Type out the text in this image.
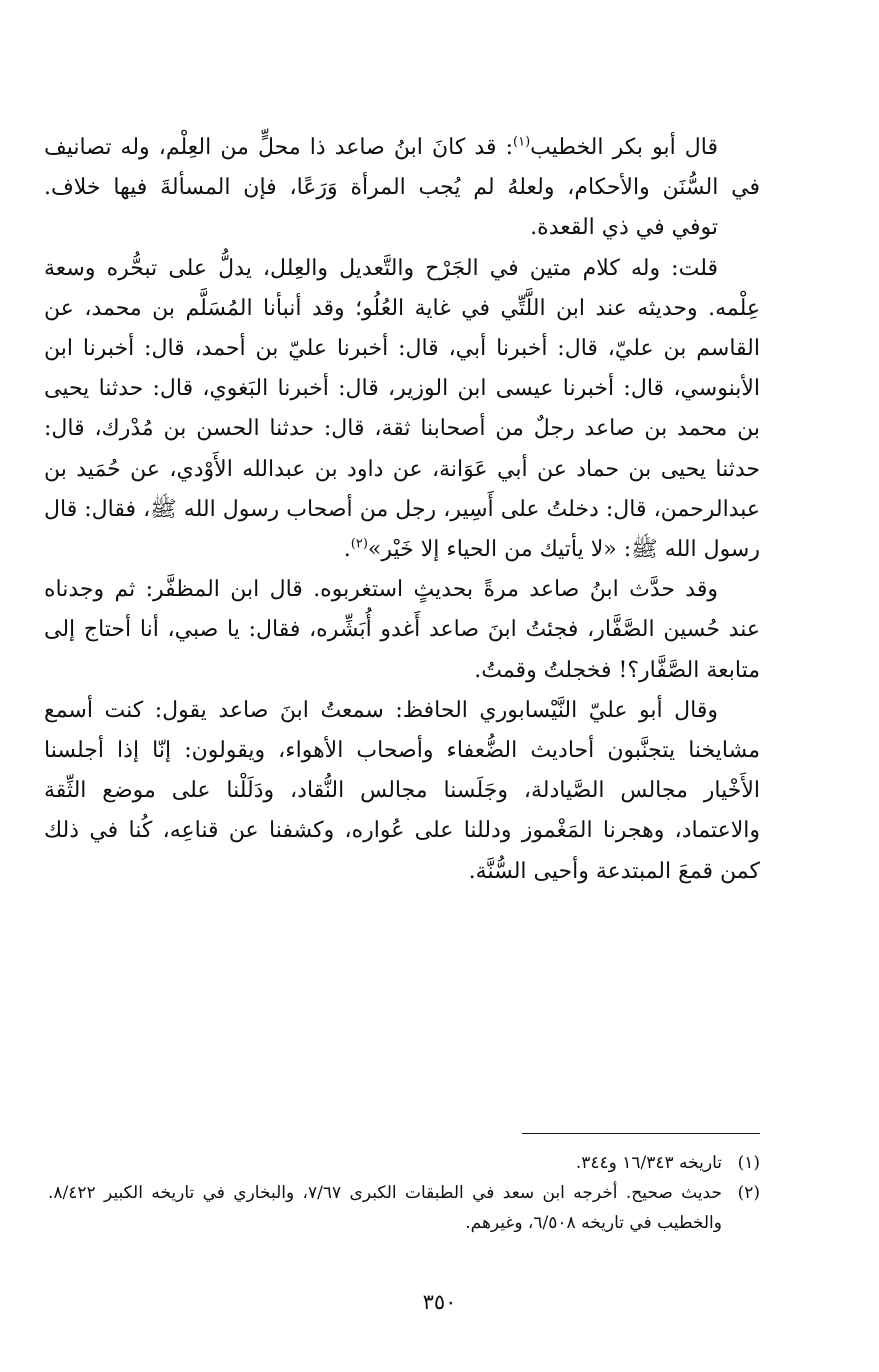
قال أبو بكر الخطيب$^{(١)}$: قد كانَ ابنُ صاعد ذا محلٍّ من العِلْم، وله تصانيف في السُّنَن والأحكام، ولعلهُ لم يُجب المرأة وَرَعًا، فإن المسألةَ فيها خلاف.

توفي في ذي القعدة.

قلت: وله كلام متين في الجَرْح والتَّعديل والعِلل، يدلُّ على تبحُّره وسعة عِلْمه. وحديثه عند ابن اللَّتِّي في غاية العُلُو؛ وقد أنبأنا المُسَلَّم بن محمد، عن القاسم بن عليّ، قال: أخبرنا أبي، قال: أخبرنا عليّ بن أحمد، قال: أخبرنا ابن الأبنوسي، قال: أخبرنا عيسى ابن الوزير، قال: أخبرنا البَغوي، قال: حدثنا يحيى بن محمد بن صاعد رجلٌ من أصحابنا ثقة، قال: حدثنا الحسن بن مُدْرك، قال: حدثنا يحيى بن حماد عن أبي عَوَانة، عن داود بن عبدالله الأَوْدي، عن حُمَيد بن عبدالرحمن، قال: دخلتُ على أَسِير، رجل من أصحاب رسول الله ﷺ، فقال: قال رسول الله ﷺ: «لا يأتيك من الحياء إلا خَيْر»$^{(٢)}$.

وقد حدَّث ابنُ صاعد مرةً بحديثٍ استغربوه. قال ابن المظفَّر: ثم وجدناه عند حُسين الصَّفَّار، فجئتُ ابنَ صاعد أَغدو أُبَشِّره، فقال: يا صبي، أنا أحتاج إلى متابعة الصَّفَّار؟! فخجلتُ وقمتُ.

وقال أبو عليّ النَّيْسابوري الحافظ: سمعتُ ابنَ صاعد يقول: كنت أسمع مشايخنا يتجنَّبون أحاديث الضُّعفاء وأصحاب الأهواء، ويقولون: إنّا إذا أجلسنا الأَخْيار مجالس الصَّيادلة، وجَلَسنا مجالس النُّقاد، ودَلَلْنا على موضع الثِّقة والاعتماد، وهجرنا المَغْموز ودللنا على عُواره، وكشفنا عن قناعِه، كُنا في ذلك كمن قمعَ المبتدعة وأحيى السُّنَّة.

(١)
تاريخه ١٦/٣٤٣ و٣٤٤.
(٢)
حديث صحيح. أخرجه ابن سعد في الطبقات الكبرى ٧/٦٧، والبخاري في تاريخه الكبير ٨/٤٢٢. والخطيب في تاريخه ٦/٥٠٨، وغيرهم.
٣٥٠
